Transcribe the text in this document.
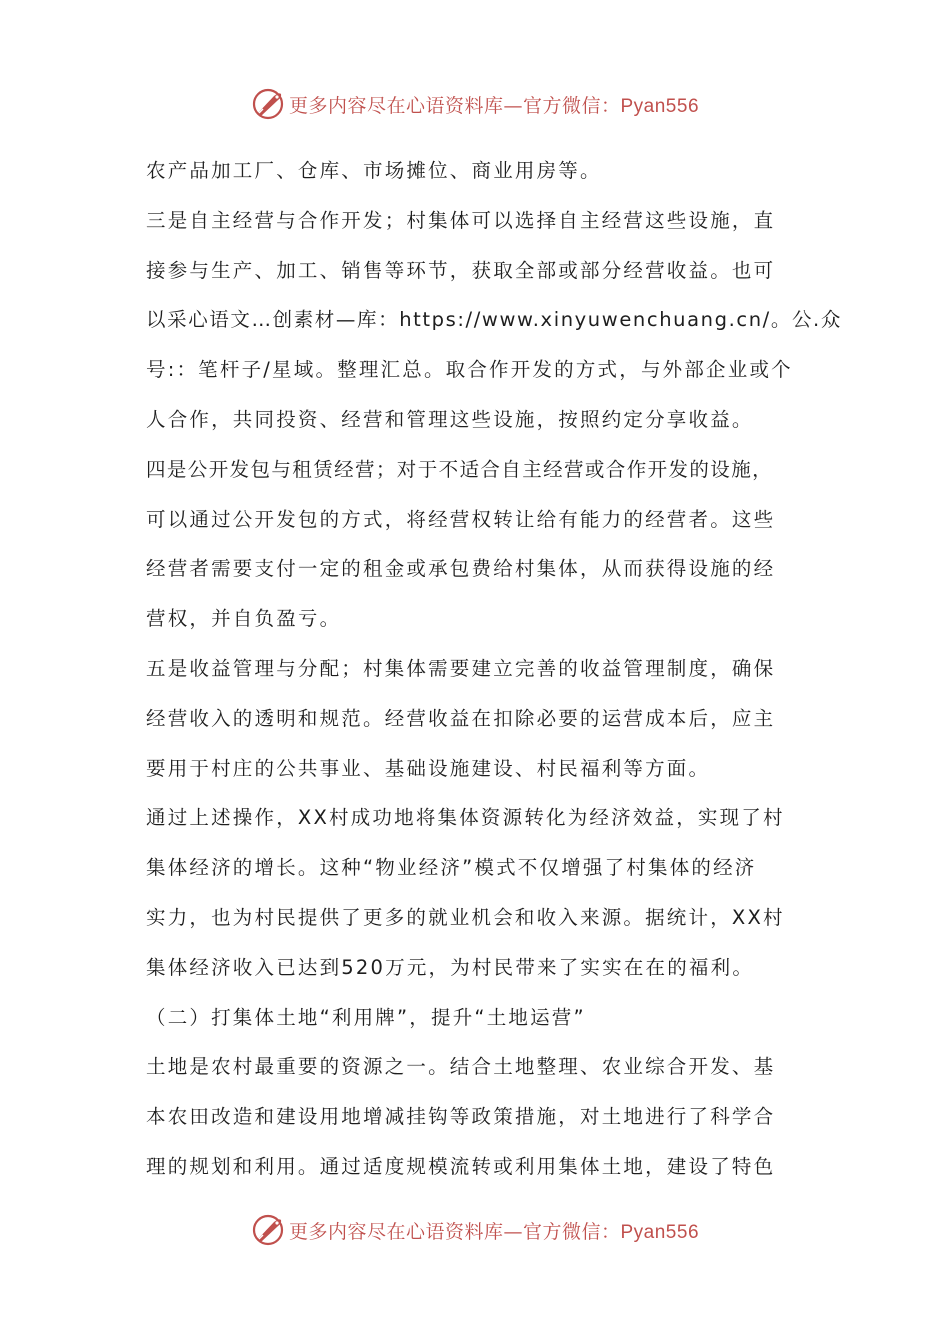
更多内容尽在心语资料库—官方微信：Pyan556
农产品加工厂、仓库、市场摊位、商业用房等。
三是自主经营与合作开发；村集体可以选择自主经营这些设施，直
接参与生产、加工、销售等环节，获取全部或部分经营收益。也可
以采心语文…创素材—库：https://www.xinyuwenchuang.cn/。公.众
号:：笔杆子/星域。整理汇总。取合作开发的方式，与外部企业或个
人合作，共同投资、经营和管理这些设施，按照约定分享收益。
四是公开发包与租赁经营；对于不适合自主经营或合作开发的设施，
可以通过公开发包的方式，将经营权转让给有能力的经营者。这些
经营者需要支付一定的租金或承包费给村集体，从而获得设施的经
营权，并自负盈亏。
五是收益管理与分配；村集体需要建立完善的收益管理制度，确保
经营收入的透明和规范。经营收益在扣除必要的运营成本后，应主
要用于村庄的公共事业、基础设施建设、村民福利等方面。
通过上述操作，XX村成功地将集体资源转化为经济效益，实现了村
集体经济的增长。这种“物业经济”模式不仅增强了村集体的经济
实力，也为村民提供了更多的就业机会和收入来源。据统计，XX村
集体经济收入已达到520万元，为村民带来了实实在在的福利。
（二）打集体土地“利用牌”，提升“土地运营”
土地是农村最重要的资源之一。结合土地整理、农业综合开发、基
本农田改造和建设用地增减挂钩等政策措施，对土地进行了科学合
理的规划和利用。通过适度规模流转或利用集体土地，建设了特色
更多内容尽在心语资料库—官方微信：Pyan556
